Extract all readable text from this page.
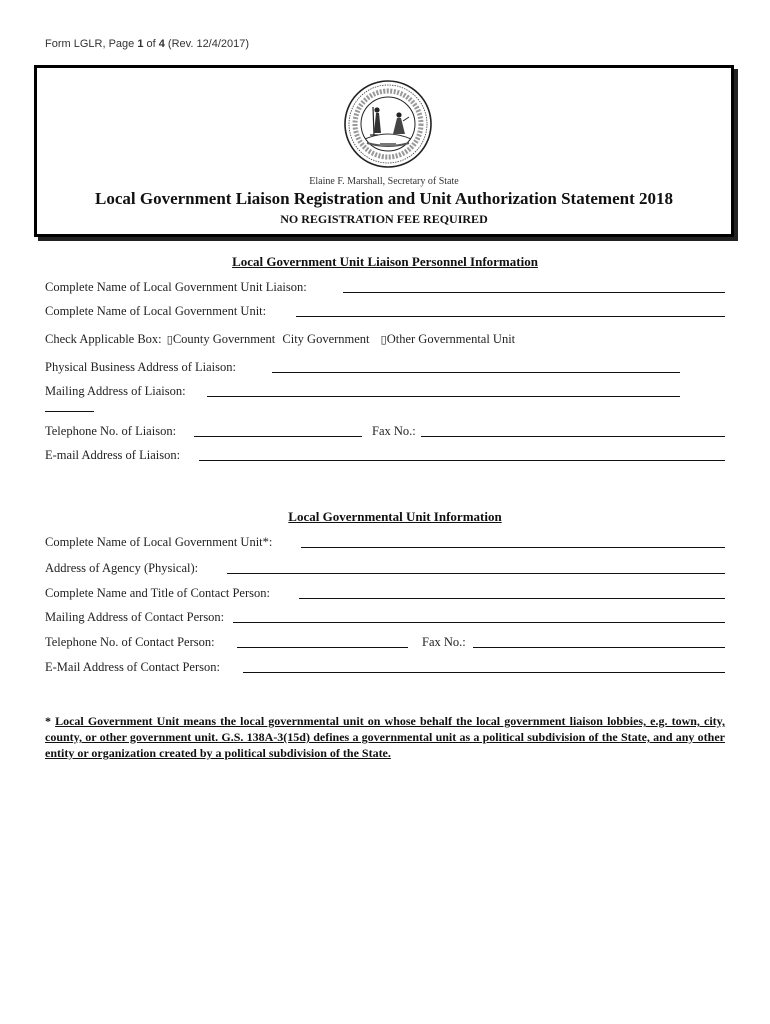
Form LGLR, Page 1 of 4 (Rev. 12/4/2017)
Elaine F. Marshall, Secretary of State
Local Government Liaison Registration and Unit Authorization Statement 2018
NO REGISTRATION FEE REQUIRED
Local Government Unit Liaison Personnel Information
Complete Name of Local Government Unit Liaison:
Complete Name of Local Government Unit:
Check Applicable Box: ▯County Government City Government ▯Other Governmental Unit
Physical Business Address of Liaison:
Mailing Address of Liaison:
Telephone No. of Liaison:	Fax No.:
E-mail Address of Liaison:
Local Governmental Unit Information
Complete Name of Local Government Unit*:
Address of Agency (Physical):
Complete Name and Title of Contact Person:
Mailing Address of Contact Person:
Telephone No. of Contact Person:	Fax No.:
E-Mail Address of Contact Person:
* Local Government Unit means the local governmental unit on whose behalf the local government liaison lobbies, e.g. town, city, county, or other government unit. G.S. 138A-3(15d) defines a governmental unit as a political subdivision of the State, and any other entity or organization created by a political subdivision of the State.
